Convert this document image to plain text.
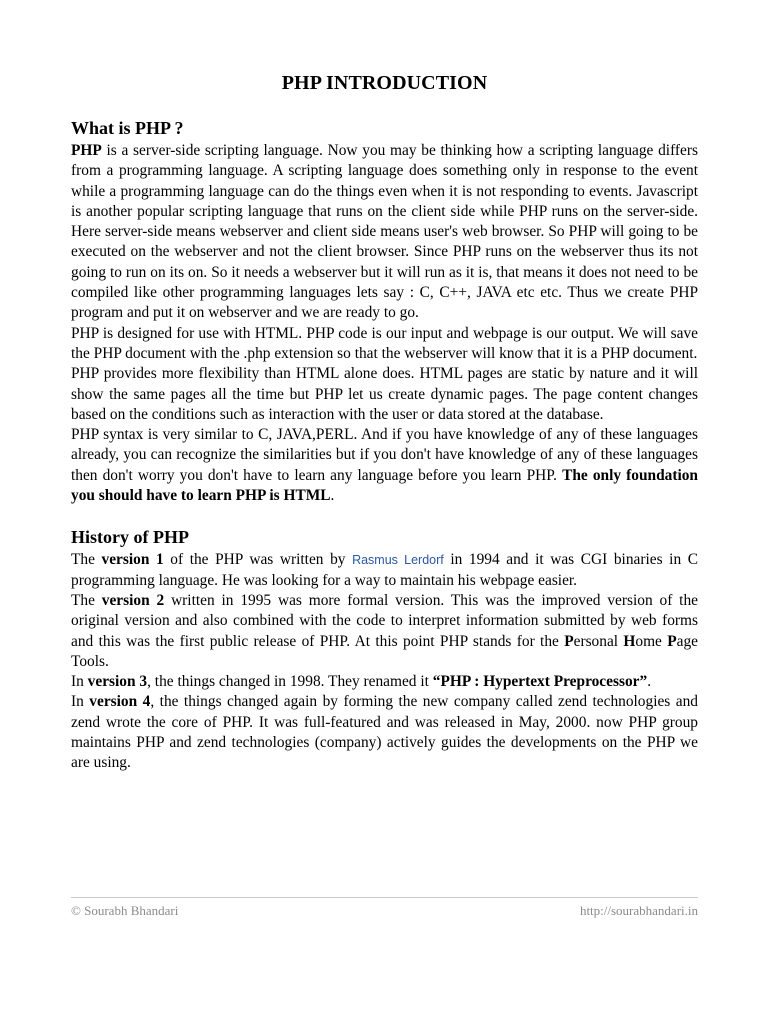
PHP INTRODUCTION
What is PHP ?

PHP is a server-side scripting language. Now you may be thinking how a scripting language differs from a programming language. A scripting language does something only in response to the event while a programming language can do the things even when it is not responding to events. Javascript is another popular scripting language that runs on the client side while PHP runs on the server-side. Here server-side means webserver and client side means user's web browser. So PHP will going to be executed on the webserver and not the client browser. Since PHP runs on the webserver thus its not going to run on its on. So it needs a webserver but it will run as it is, that means it does not need to be compiled like other programming languages lets say : C, C++, JAVA etc etc. Thus we create PHP program and put it on webserver and we are ready to go.

PHP is designed for use with HTML. PHP code is our input and webpage is our output. We will save the PHP document with the .php extension so that the webserver will know that it is a PHP document.

PHP provides more flexibility than HTML alone does. HTML pages are static by nature and it will show the same pages all the time but PHP let us create dynamic pages. The page content changes based on the conditions such as interaction with the user or data stored at the database.

PHP syntax is very similar to C, JAVA,PERL. And if you have knowledge of any of these languages already, you can recognize the similarities but if you don't have knowledge of any of these languages then don't worry you don't have to learn any language before you learn PHP. The only foundation you should have to learn PHP is HTML.

History of PHP

The version 1 of the PHP was written by Rasmus Lerdorf in 1994 and it was CGI binaries in C programming language. He was looking for a way to maintain his webpage easier.

The version 2 written in 1995 was more formal version. This was the improved version of the original version and also combined with the code to interpret information submitted by web forms and this was the first public release of PHP. At this point PHP stands for the Personal Home Page Tools.

In version 3, the things changed in 1998. They renamed it “PHP : Hypertext Preprocessor”.

In version 4, the things changed again by forming the new company called zend technologies and zend wrote the core of PHP. It was full-featured and was released in May, 2000. now PHP group maintains PHP and zend technologies (company) actively guides the developments on the PHP we are using.

© Sourabh Bhandari	http://sourabhandari.in
